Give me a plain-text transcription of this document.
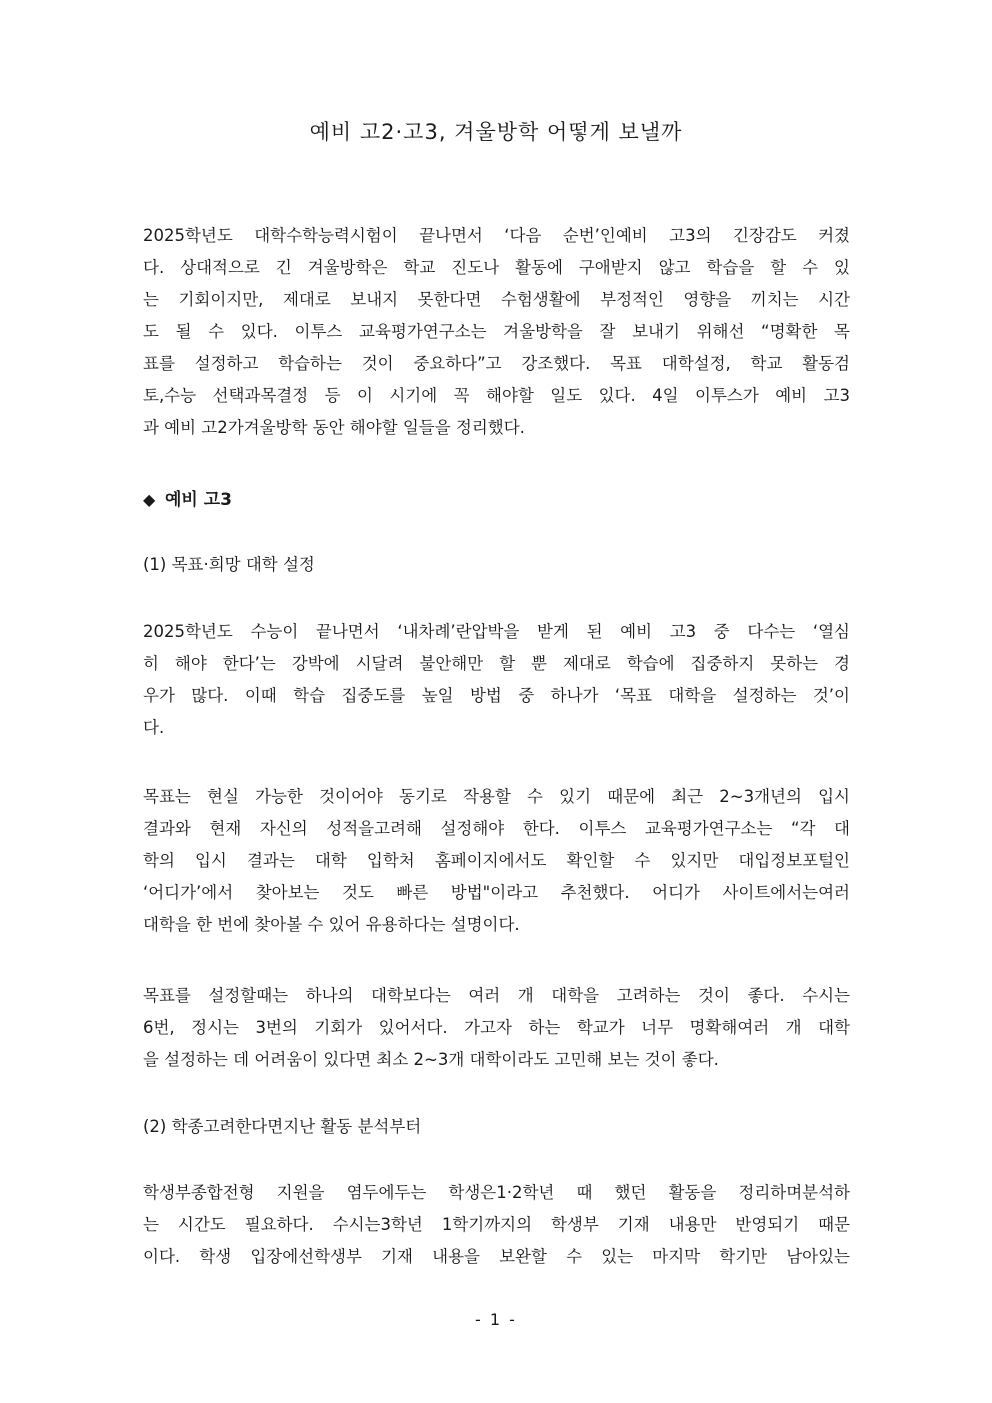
예비 고2·고3, 겨울방학 어떻게 보낼까
2025학년도 대학수학능력시험이 끝나면서 ‘다음 순번’인예비 고3의 긴장감도 커졌
다. 상대적으로 긴 겨울방학은 학교 진도나 활동에 구애받지 않고 학습을 할 수 있
는 기회이지만, 제대로 보내지 못한다면 수험생활에 부정적인 영향을 끼치는 시간
도 될 수 있다. 이투스 교육평가연구소는 겨울방학을 잘 보내기 위해선 “명확한 목
표를 설정하고 학습하는 것이 중요하다”고 강조했다. 목표 대학설정, 학교 활동검
토,수능 선택과목결정 등 이 시기에 꼭 해야할 일도 있다. 4일 이투스가 예비 고3
과 예비 고2가겨울방학 동안 해야할 일들을 정리했다.
◆ 예비 고3
(1) 목표·희망 대학 설정
2025학년도 수능이 끝나면서 ‘내차례’란압박을 받게 된 예비 고3 중 다수는 ‘열심
히 해야 한다’는 강박에 시달려 불안해만 할 뿐 제대로 학습에 집중하지 못하는 경
우가 많다. 이때 학습 집중도를 높일 방법 중 하나가 ‘목표 대학을 설정하는 것’이
다.
목표는 현실 가능한 것이어야 동기로 작용할 수 있기 때문에 최근 2~3개년의 입시
결과와 현재 자신의 성적을고려해 설정해야 한다. 이투스 교육평가연구소는 “각 대
학의 입시 결과는 대학 입학처 홈페이지에서도 확인할 수 있지만 대입정보포털인
‘어디가’에서 찾아보는 것도 빠른 방법"이라고 추천했다. 어디가 사이트에서는여러
대학을 한 번에 찾아볼 수 있어 유용하다는 설명이다.
목표를 설정할때는 하나의 대학보다는 여러 개 대학을 고려하는 것이 좋다. 수시는
6번, 정시는 3번의 기회가 있어서다. 가고자 하는 학교가 너무 명확해여러 개 대학
을 설정하는 데 어려움이 있다면 최소 2~3개 대학이라도 고민해 보는 것이 좋다.
(2) 학종고려한다면지난 활동 분석부터
학생부종합전형 지원을 염두에두는 학생은1·2학년 때 했던 활동을 정리하며분석하
는 시간도 필요하다. 수시는3학년 1학기까지의 학생부 기재 내용만 반영되기 때문
이다. 학생 입장에선학생부 기재 내용을 보완할 수 있는 마지막 학기만 남아있는
- 1 -
